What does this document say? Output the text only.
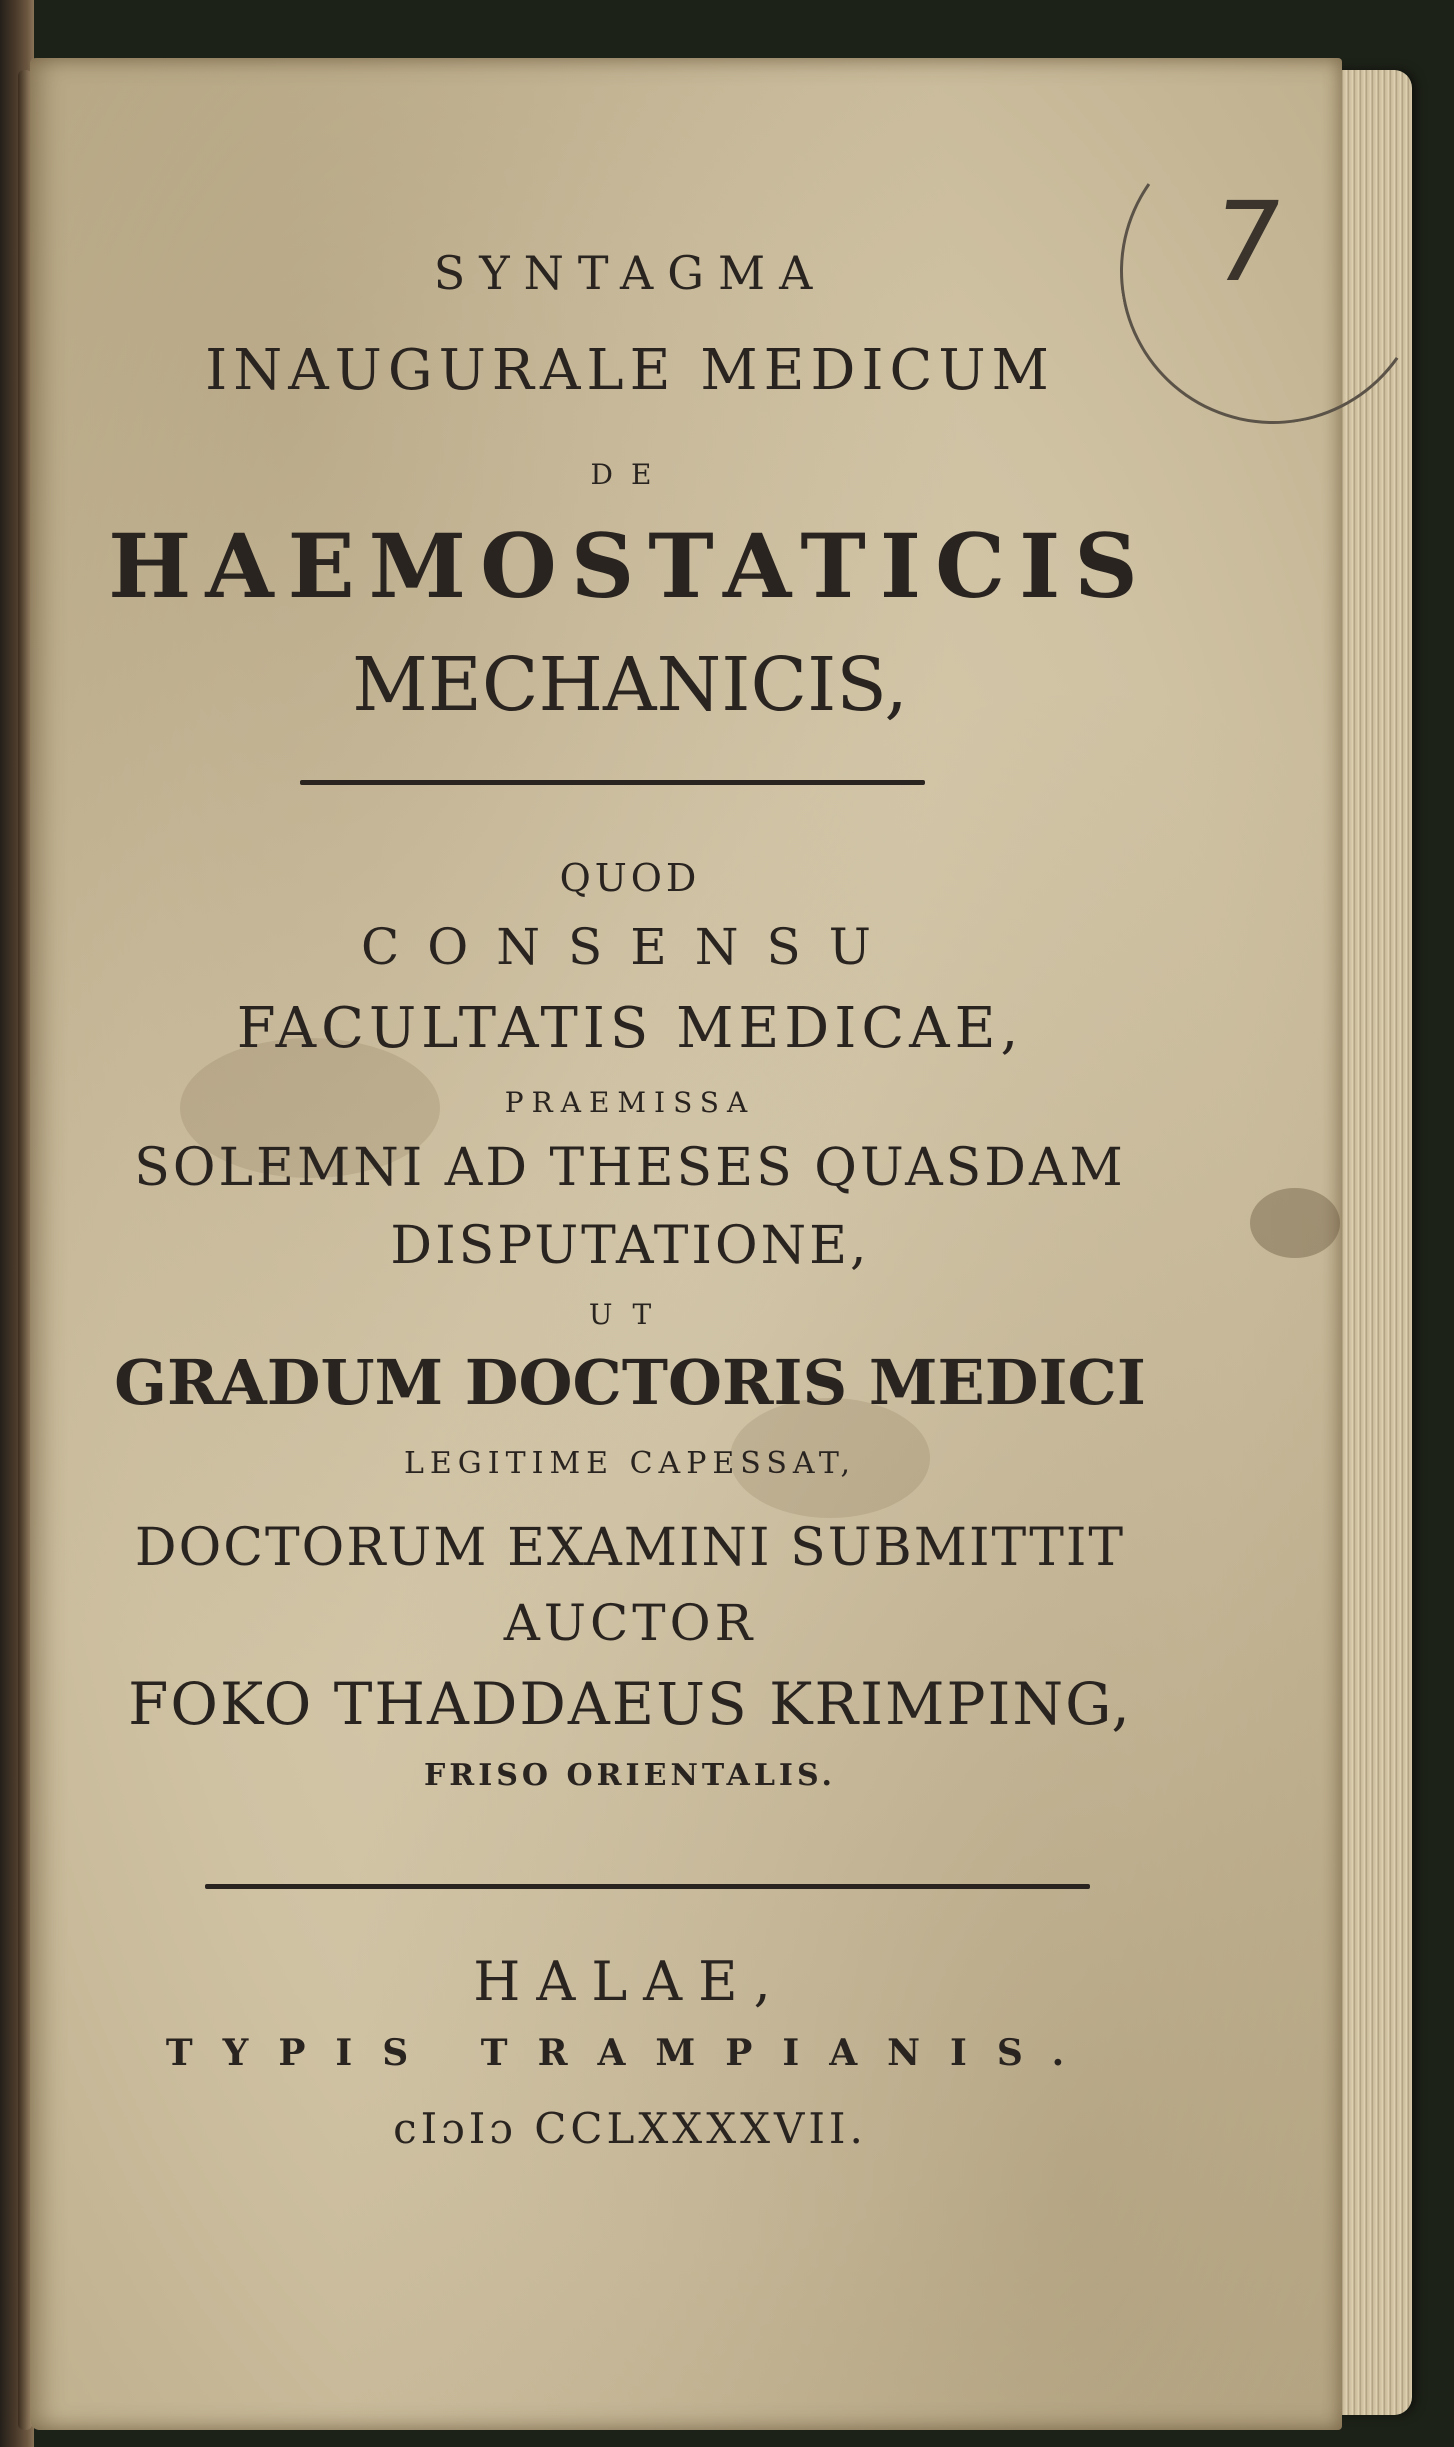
7
SYNTAGMA
INAUGURALE MEDICUM
DE
HAEMOSTATICIS
MECHANICIS,
QUOD
CONSENSU
FACULTATIS MEDICAE,
PRAEMISSA
SOLEMNI AD THESES QUASDAM
DISPUTATIONE,
UT
GRADUM DOCTORIS MEDICI
LEGITIME CAPESSAT,
DOCTORUM EXAMINI SUBMITTIT
AUCTOR
FOKO THADDAEUS KRIMPING,
FRISO ORIENTALIS.
HALAE,
TYPIS TRAMPIANIS.
cIɔIɔ CCLXXXXVII.
